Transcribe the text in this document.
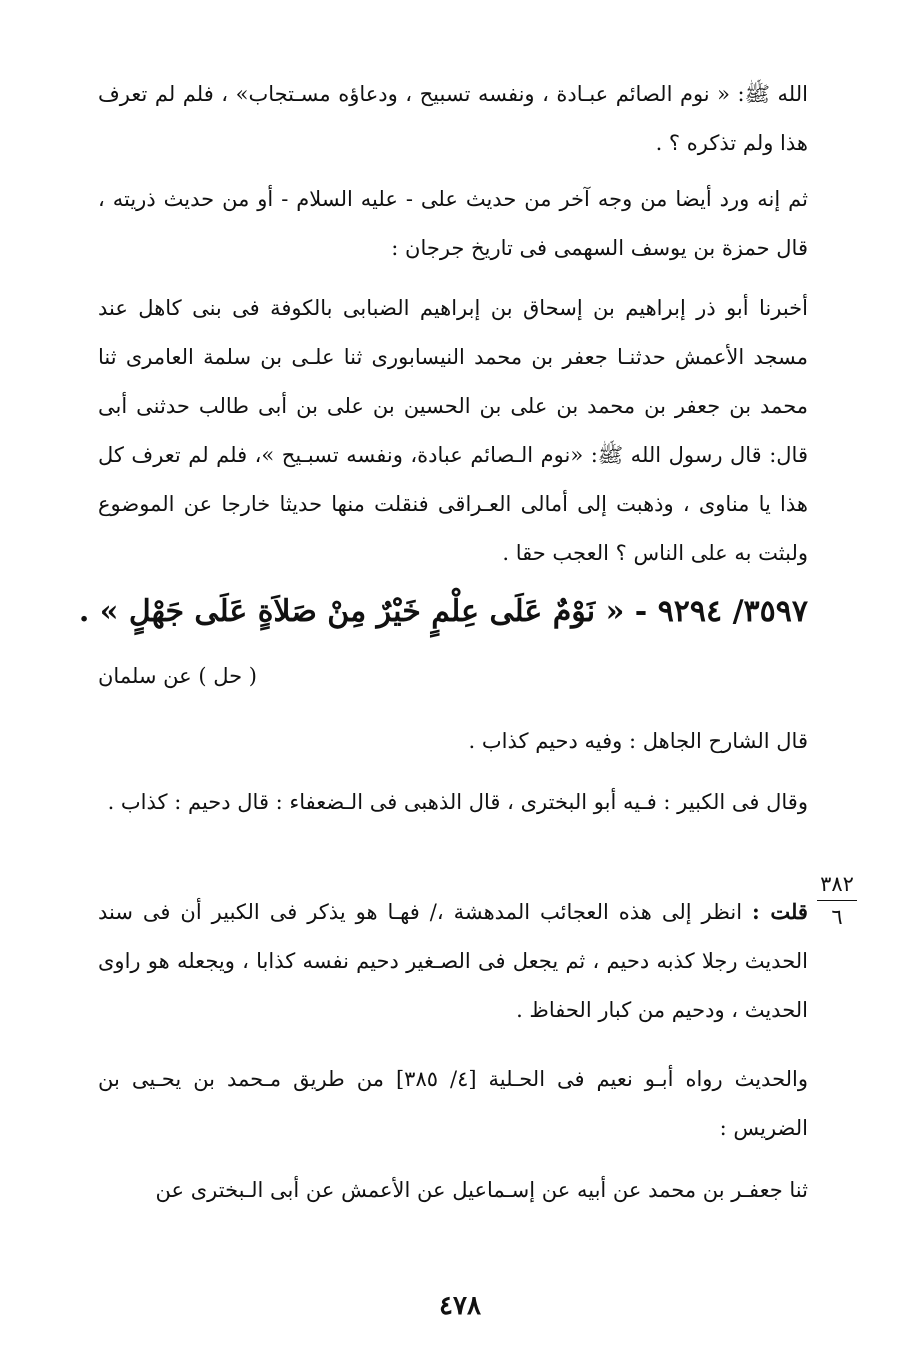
الله ﷺ: « نوم الصائم عبـادة ، ونفسه تسبيح ، ودعاؤه مسـتجاب» ، فلم لم تعرف هذا ولم تذكره ؟ .
ثم إنه ورد أيضا من وجه آخر من حديث على - عليه السلام - أو من حديث ذريته ، قال حمزة بن يوسف السهمى فى تاريخ جرجان :
أخبرنا أبو ذر إبراهيم بن إسحاق بن إبراهيم الضبابى بالكوفة فى بنى كاهل عند مسجد الأعمش حدثنـا جعفر بن محمد النيسابورى ثنا علـى بن سلمة العامرى ثنا محمد بن جعفر بن محمد بن على بن الحسين بن على بن أبى طالب حدثنى أبى قال: قال رسول الله ﷺ: «نوم الـصائم عبادة، ونفسه تسبـيح »، فلم لم تعرف كل هذا يا مناوى ، وذهبت إلى أمالى العـراقى فنقلت منها حديثا خارجا عن الموضوع ولبثت به على الناس ؟ العجب حقا .
٣٥٩٧/ ٩٢٩٤ - « نَوْمٌ عَلَى عِلْمٍ خَيْرٌ مِنْ صَلاَةٍ عَلَى جَهْلٍ » .
( حل ) عن سلمان
قال الشارح الجاهل : وفيه دحيم كذاب .
وقال فى الكبير : فـيه أبو البخترى ، قال الذهبى فى الـضعفاء : قال دحيم : كذاب .
قلت : انظر إلى هذه العجائب المدهشة ،/ فهـا هو يذكر فى الكبير أن فى سند الحديث رجلا كذبه دحيم ، ثم يجعل فى الصـغير دحيم نفسه كذابا ، ويجعله هو راوى الحديث ، ودحيم من كبار الحفاظ .
٣٨٢
٦
والحديث رواه أبـو نعيم فى الحـلية [٤/ ٣٨٥] من طريق مـحمد بن يحـيى بن الضريس :
ثنا جعفـر بن محمد عن أبيه عن إسـماعيل عن الأعمش عن أبى الـبخترى عن
٤٧٨
